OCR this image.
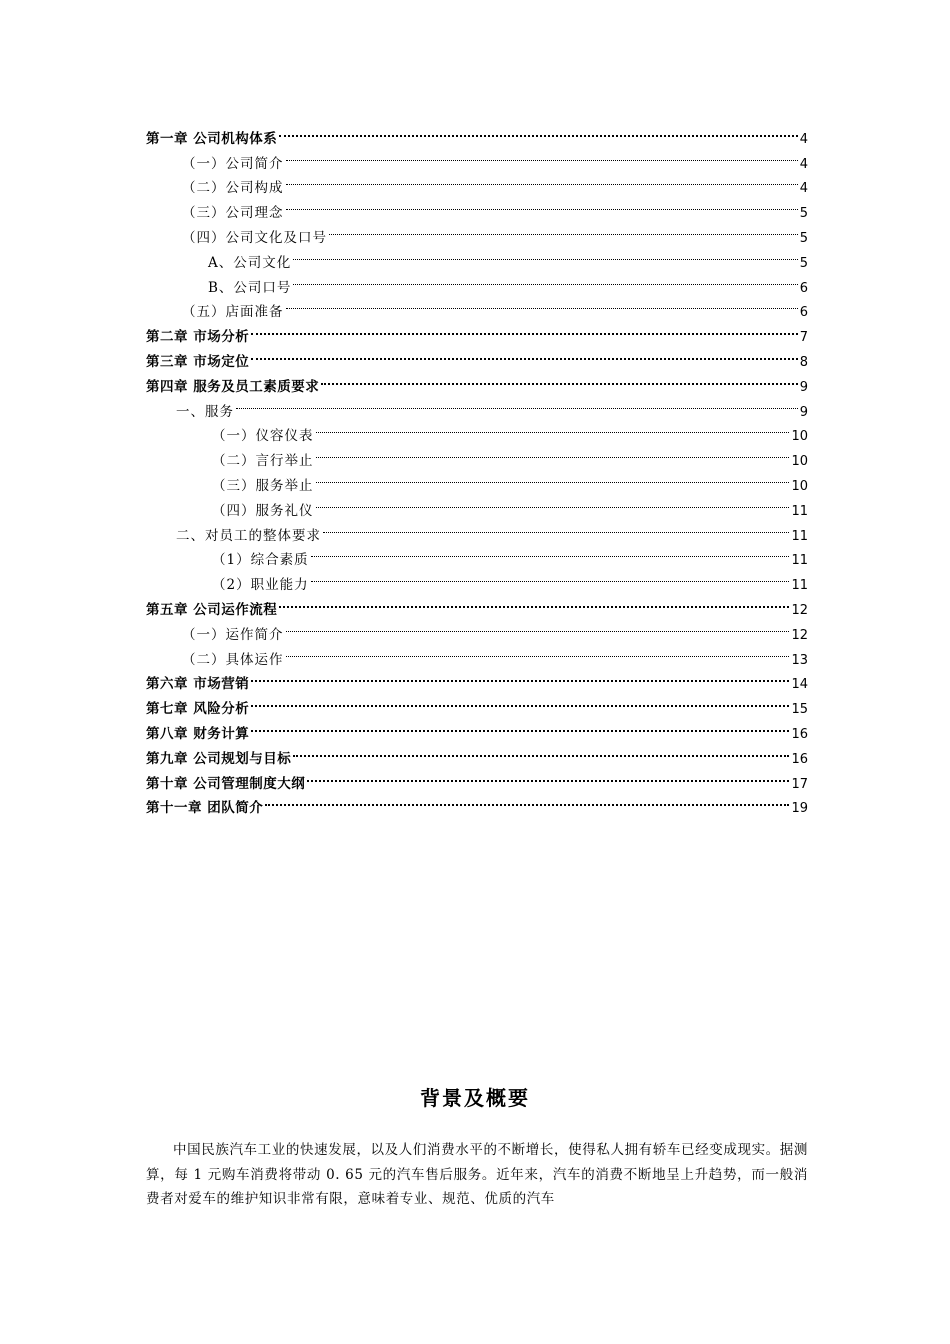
第一章 公司机构体系	4
（一）公司简介	4
（二）公司构成	4
（三）公司理念	5
（四）公司文化及口号	5
A、公司文化	5
B、公司口号	6
（五）店面准备	6
第二章 市场分析	7
第三章 市场定位	8
第四章 服务及员工素质要求	9
一、服务	9
（一）仪容仪表	10
（二）言行举止	10
（三）服务举止	10
（四）服务礼仪	11
二、对员工的整体要求	11
（1）综合素质	11
（2）职业能力	11
第五章 公司运作流程	12
（一）运作简介	12
（二）具体运作	13
第六章 市场营销	14
第七章 风险分析	15
第八章 财务计算	16
第九章 公司规划与目标	16
第十章 公司管理制度大纲	17
第十一章 团队简介	19
背景及概要
中国民族汽车工业的快速发展，以及人们消费水平的不断增长，使得私人拥有轿车已经变成现实。据测算，每 1 元购车消费将带动 0. 65 元的汽车售后服务。近年来，汽车的消费不断地呈上升趋势，而一般消费者对爱车的维护知识非常有限，意味着专业、规范、优质的汽车
